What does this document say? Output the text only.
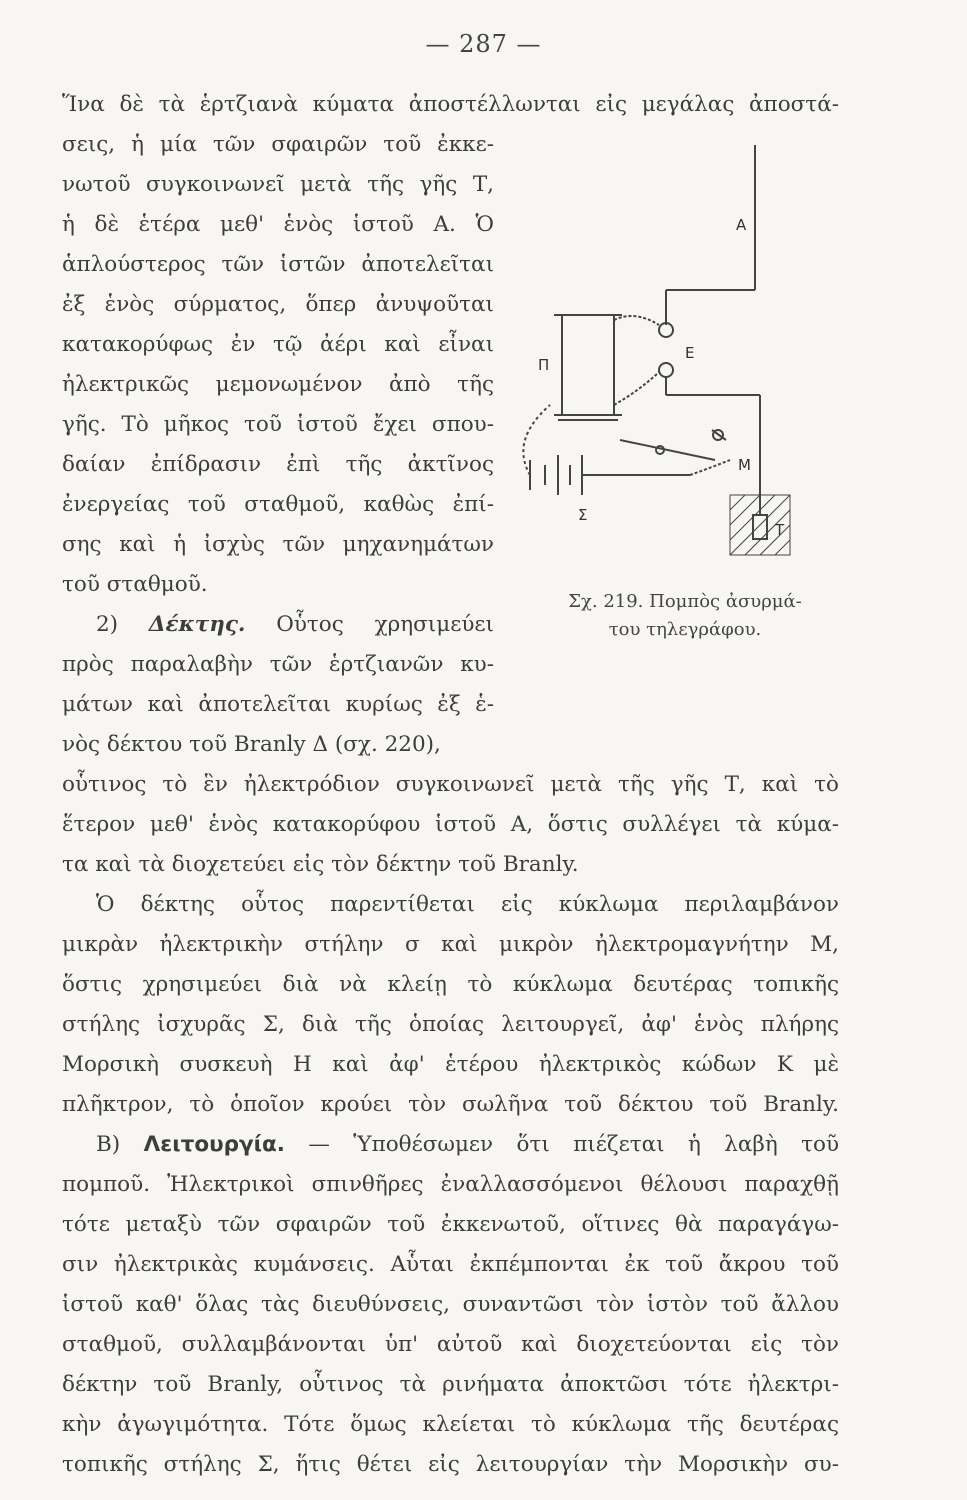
— 287 —
Ἵνα δὲ τὰ ἑρτζιανὰ κύματα ἀποστέλλωνται εἰς μεγάλας ἀποστά-
σεις, ἡ μία τῶν σφαιρῶν τοῦ ἐκκε-
νωτοῦ συγκοινωνεῖ μετὰ τῆς γῆς Τ,
ἡ δὲ ἑτέρα μεθ' ἑνὸς ἱστοῦ Α. Ὁ
ἁπλούστερος τῶν ἱστῶν ἀποτελεῖται
ἐξ ἑνὸς σύρματος, ὅπερ ἀνυψοῦται
κατακορύφως ἐν τῷ ἀέρι καὶ εἶναι
ἠλεκτρικῶς μεμονωμένον ἀπὸ τῆς
γῆς. Τὸ μῆκος τοῦ ἱστοῦ ἔχει σπου-
δαίαν ἐπίδρασιν ἐπὶ τῆς ἀκτῖνος
ἐνεργείας τοῦ σταθμοῦ, καθὼς ἐπί-
σης καὶ ἡ ἰσχὺς τῶν μηχανημάτων
τοῦ σταθμοῦ.
2) Δέκτης. Οὗτος χρησιμεύει
πρὸς παραλαβὴν τῶν ἑρτζιανῶν κυ-
μάτων καὶ ἀποτελεῖται κυρίως ἐξ ἑ-
νὸς δέκτου τοῦ Branly Δ (σχ. 220),
οὗτινος τὸ ἓν ἠλεκτρόδιον συγκοινωνεῖ μετὰ τῆς γῆς Τ, καὶ τὸ
ἕτερον μεθ' ἑνὸς κατακορύφου ἱστοῦ Α, ὅστις συλλέγει τὰ κύμα-
τα καὶ τὰ διοχετεύει εἰς τὸν δέκτην τοῦ Branly.
Ὁ δέκτης οὗτος παρεντίθεται εἰς κύκλωμα περιλαμβάνον
μικρὰν ἠλεκτρικὴν στήλην σ καὶ μικρὸν ἠλεκτρομαγνήτην Μ,
ὅστις χρησιμεύει διὰ νὰ κλείῃ τὸ κύκλωμα δευτέρας τοπικῆς
στήλης ἰσχυρᾶς Σ, διὰ τῆς ὁποίας λειτουργεῖ, ἀφ' ἑνὸς πλήρης
Μορσικὴ συσκευὴ Η καὶ ἀφ' ἑτέρου ἠλεκτρικὸς κώδων Κ μὲ
πλῆκτρον, τὸ ὁποῖον κρούει τὸν σωλῆνα τοῦ δέκτου τοῦ Branly.
Β) Λειτουργία. — Ὑποθέσωμεν ὅτι πιέζεται ἡ λαβὴ τοῦ
πομποῦ. Ἠλεκτρικοὶ σπινθῆρες ἐναλλασσόμενοι θέλουσι παραχθῇ
τότε μεταξὺ τῶν σφαιρῶν τοῦ ἐκκενωτοῦ, οἵτινες θὰ παραγάγω-
σιν ἠλεκτρικὰς κυμάνσεις. Αὗται ἐκπέμπονται ἐκ τοῦ ἄκρου τοῦ
ἱστοῦ καθ' ὅλας τὰς διευθύνσεις, συναντῶσι τὸν ἱστὸν τοῦ ἄλλου
σταθμοῦ, συλλαμβάνονται ὑπ' αὐτοῦ καὶ διοχετεύονται εἰς τὸν
δέκτην τοῦ Branly, οὗτινος τὰ ρινήματα ἀποκτῶσι τότε ἠλεκτρι-
κὴν ἀγωγιμότητα. Τότε ὅμως κλείεται τὸ κύκλωμα τῆς δευτέρας
τοπικῆς στήλης Σ, ἥτις θέτει εἰς λειτουργίαν τὴν Μορσικὴν συ-
A
Π
E
M
Σ
T
Σχ. 219. Πομπὸς ἀσυρμά-
του τηλεγράφου.
